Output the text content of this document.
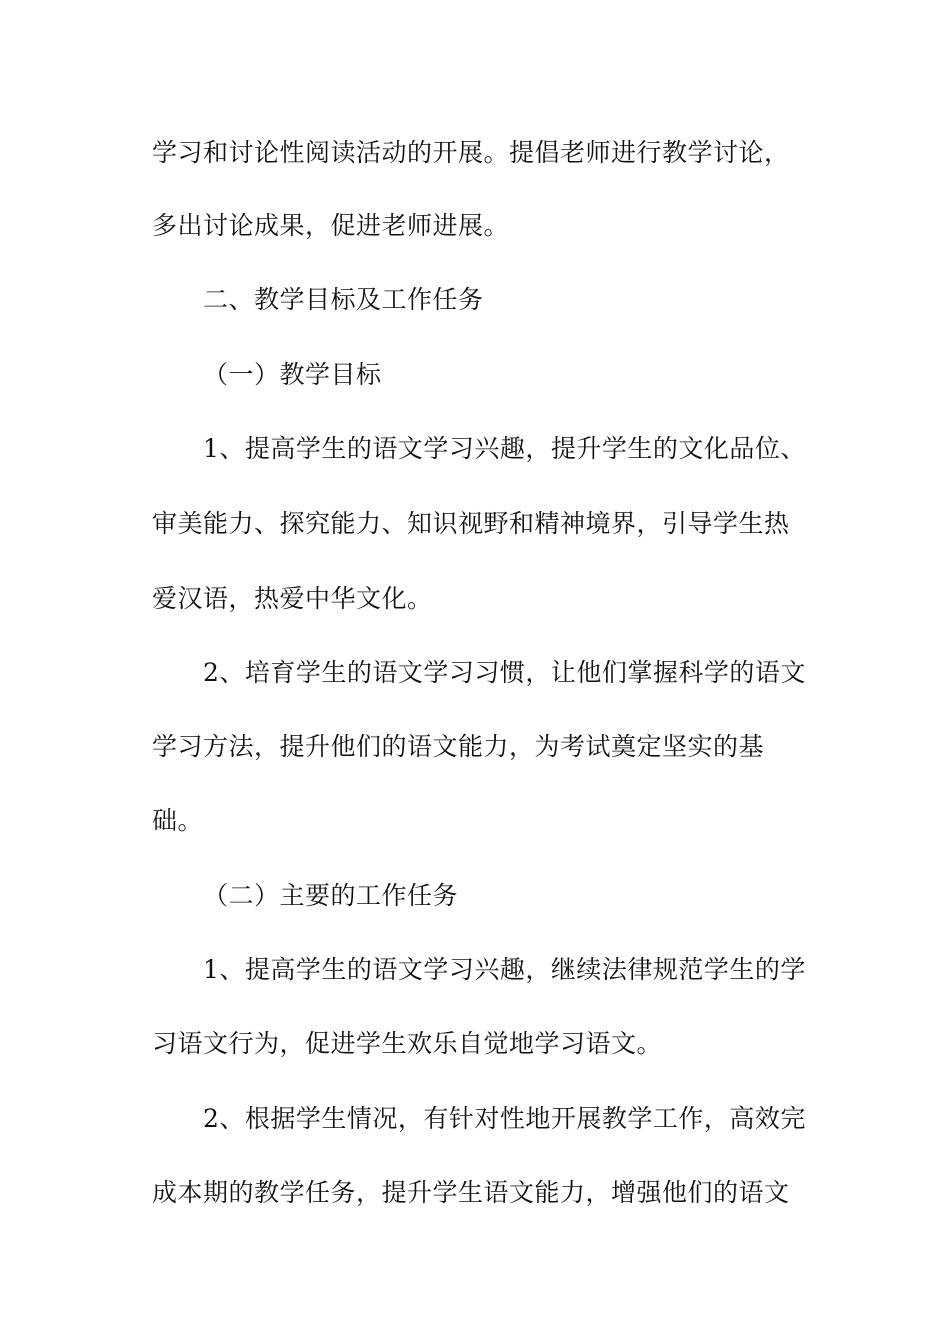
学习和讨论性阅读活动的开展。提倡老师进行教学讨论，
多出讨论成果，促进老师进展。
二、教学目标及工作任务
（一）教学目标
1、提高学生的语文学习兴趣，提升学生的文化品位、
审美能力、探究能力、知识视野和精神境界，引导学生热
爱汉语，热爱中华文化。
2、培育学生的语文学习习惯，让他们掌握科学的语文
学习方法，提升他们的语文能力，为考试奠定坚实的基
础。
（二）主要的工作任务
1、提高学生的语文学习兴趣，继续法律规范学生的学
习语文行为，促进学生欢乐自觉地学习语文。
2、根据学生情况，有针对性地开展教学工作，高效完
成本期的教学任务，提升学生语文能力，增强他们的语文
